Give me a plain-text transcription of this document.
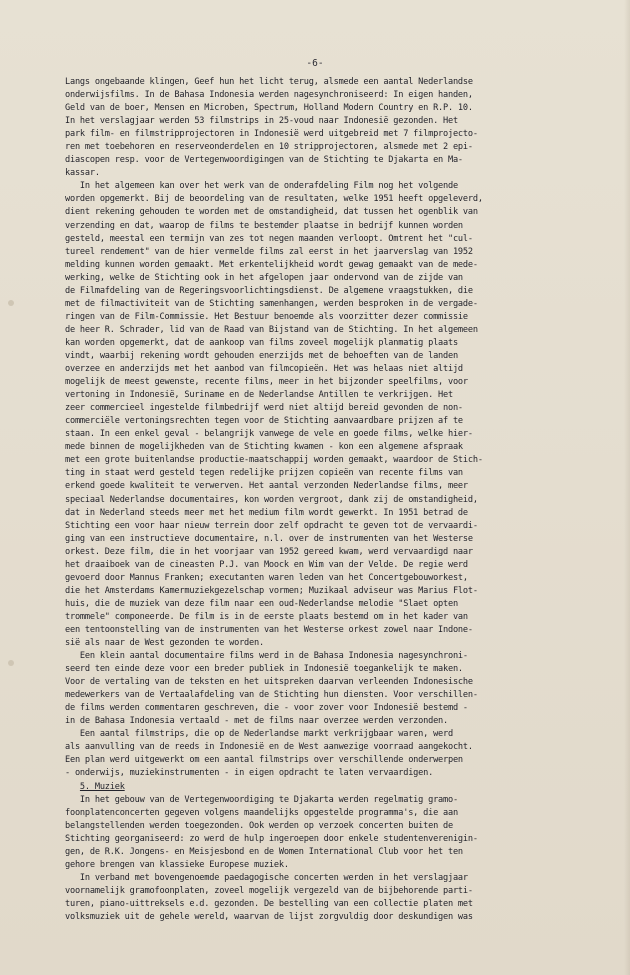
-6-
Langs ongebaande klingen, Geef hun het licht terug, alsmede een aantal Nederlandse
onderwijsfilms. In de Bahasa Indonesia werden nagesynchroniseerd: In eigen handen,
Geld van de boer, Mensen en Microben, Spectrum, Holland Modern Country en R.P. 10.
In het verslagjaar werden 53 filmstrips in 25-voud naar Indonesië gezonden. Het
park film- en filmstripprojectoren in Indonesië werd uitgebreid met 7 filmprojecto-
ren met toebehoren en reserveonderdelen en 10 stripprojectoren, alsmede met 2 epi-
diascopen resp. voor de Vertegenwoordigingen van de Stichting te Djakarta en Ma-
kassar.
In het algemeen kan over het werk van de onderafdeling Film nog het volgende
worden opgemerkt. Bij de beoordeling van de resultaten, welke 1951 heeft opgeleverd,
dient rekening gehouden te worden met de omstandigheid, dat tussen het ogenblik van
verzending en dat, waarop de films te bestemder plaatse in bedrijf kunnen worden
gesteld, meestal een termijn van zes tot negen maanden verloopt. Omtrent het "cul-
tureel rendement" van de hier vermelde films zal eerst in het jaarverslag van 1952
melding kunnen worden gemaakt. Met erkentelijkheid wordt gewag gemaakt van de mede-
werking, welke de Stichting ook in het afgelopen jaar ondervond van de zijde van
de Filmafdeling van de Regeringsvoorlichtingsdienst. De algemene vraagstukken, die
met de filmactiviteit van de Stichting samenhangen, werden besproken in de vergade-
ringen van de Film-Commissie. Het Bestuur benoemde als voorzitter dezer commissie
de heer R. Schrader, lid van de Raad van Bijstand van de Stichting. In het algemeen
kan worden opgemerkt, dat de aankoop van films zoveel mogelijk planmatig plaats
vindt, waarbij rekening wordt gehouden enerzijds met de behoeften van de landen
overzee en anderzijds met het aanbod van filmcopieën. Het was helaas niet altijd
mogelijk de meest gewenste, recente films, meer in het bijzonder speelfilms, voor
vertoning in Indonesië, Suriname en de Nederlandse Antillen te verkrijgen. Het
zeer commercieel ingestelde filmbedrijf werd niet altijd bereid gevonden de non-
commerciële vertoningsrechten tegen voor de Stichting aanvaardbare prijzen af te
staan. In een enkel geval - belangrijk vanwege de vele en goede films, welke hier-
mede binnen de mogelijkheden van de Stichting kwamen - kon een algemene afspraak
met een grote buitenlandse productie-maatschappij worden gemaakt, waardoor de Stich-
ting in staat werd gesteld tegen redelijke prijzen copieën van recente films van
erkend goede kwaliteit te verwerven. Het aantal verzonden Nederlandse films, meer
speciaal Nederlandse documentaires, kon worden vergroot, dank zij de omstandigheid,
dat in Nederland steeds meer met het medium film wordt gewerkt. In 1951 betrad de
Stichting een voor haar nieuw terrein door zelf opdracht te geven tot de vervaardi-
ging van een instructieve documentaire, n.l. over de instrumenten van het Westerse
orkest. Deze film, die in het voorjaar van 1952 gereed kwam, werd vervaardigd naar
het draaiboek van de cineasten P.J. van Moock en Wim van der Velde. De regie werd
gevoerd door Mannus Franken; executanten waren leden van het Concertgebouworkest,
die het Amsterdams Kamermuziekgezelschap vormen; Muzikaal adviseur was Marius Flot-
huis, die de muziek van deze film naar een oud-Nederlandse melodie "Slaet opten
trommele" componeerde. De film is in de eerste plaats bestemd om in het kader van
een tentoonstelling van de instrumenten van het Westerse orkest zowel naar Indone-
sië als naar de West gezonden te worden.
Een klein aantal documentaire films werd in de Bahasa Indonesia nagesynchroni-
seerd ten einde deze voor een breder publiek in Indonesië toegankelijk te maken.
Voor de vertaling van de teksten en het uitspreken daarvan verleenden Indonesische
medewerkers van de Vertaalafdeling van de Stichting hun diensten. Voor verschillen-
de films werden commentaren geschreven, die - voor zover voor Indonesië bestemd -
in de Bahasa Indonesia vertaald - met de films naar overzee werden verzonden.
Een aantal filmstrips, die op de Nederlandse markt verkrijgbaar waren, werd
als aanvulling van de reeds in Indonesië en de West aanwezige voorraad aangekocht.
Een plan werd uitgewerkt om een aantal filmstrips over verschillende onderwerpen
- onderwijs, muziekinstrumenten - in eigen opdracht te laten vervaardigen.
5. Muziek
In het gebouw van de Vertegenwoordiging te Djakarta werden regelmatig gramo-
foonplatenconcerten gegeven volgens maandelijks opgestelde programma's, die aan
belangstellenden werden toegezonden. Ook werden op verzoek concerten buiten de
Stichting georganiseerd: zo werd de hulp ingeroepen door enkele studentenverenigin-
gen, de R.K. Jongens- en Meisjesbond en de Women International Club voor het ten
gehore brengen van klassieke Europese muziek.
In verband met bovengenoemde paedagogische concerten werden in het verslagjaar
voornamelijk gramofoonplaten, zoveel mogelijk vergezeld van de bijbehorende parti-
turen, piano-uittreksels e.d. gezonden. De bestelling van een collectie platen met
volksmuziek uit de gehele wereld, waarvan de lijst zorgvuldig door deskundigen was
